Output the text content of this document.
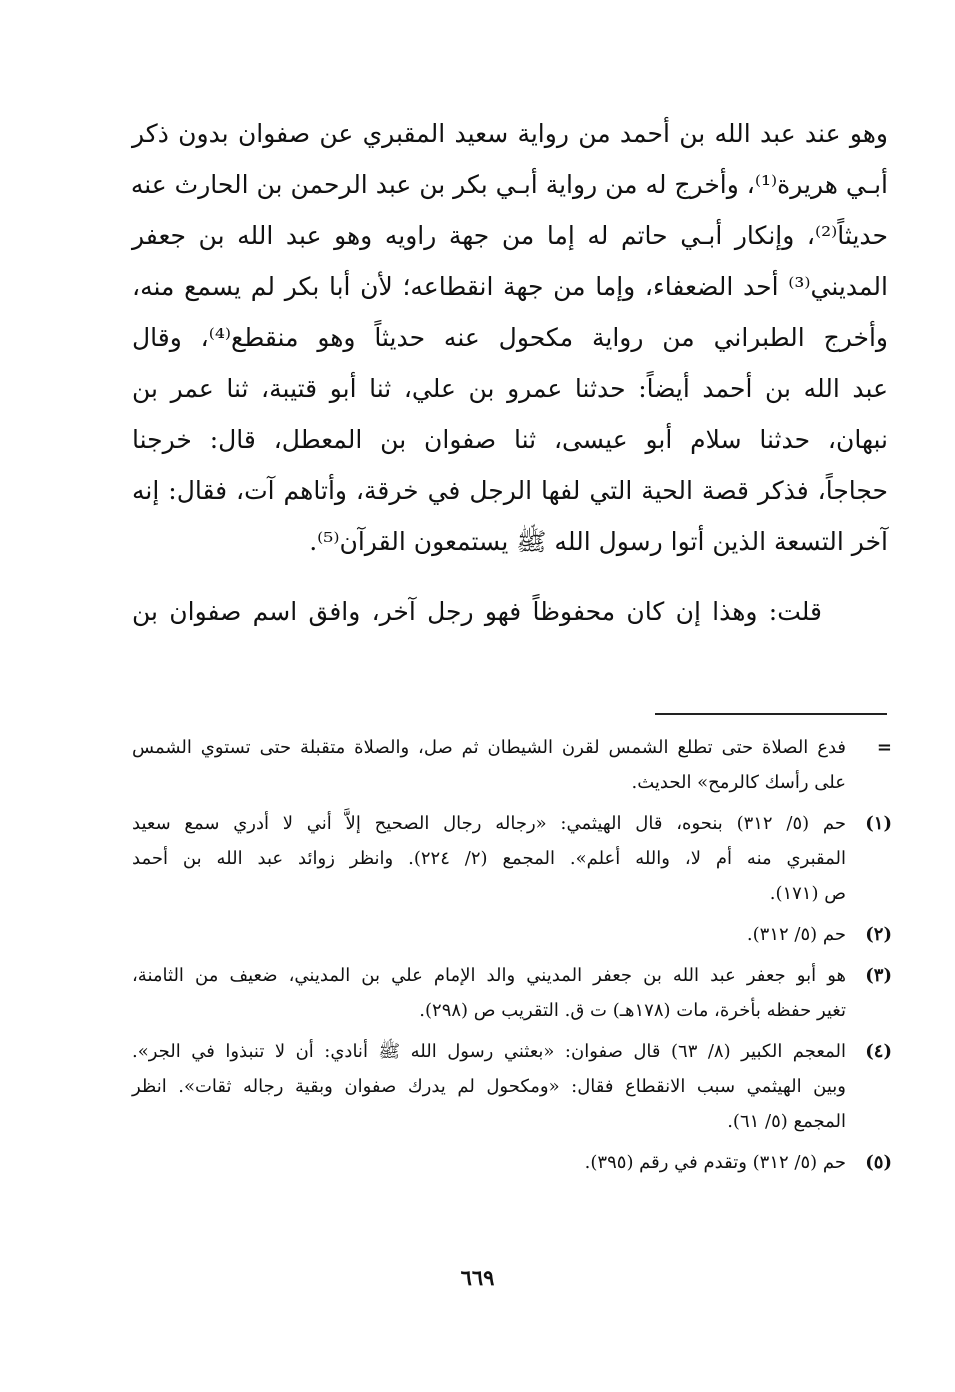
وهو عند عبد الله بن أحمد من رواية سعيد المقبري عن صفوان بدون ذكر
أبـي هريرة⁽¹⁾، وأخرج له من رواية أبـي بكر بن عبد الرحمن بن الحارث عنه
حديثاً⁽²⁾، وإنكار أبـي حاتم له إما من جهة راويه وهو عبد الله بن جعفر
المديني⁽³⁾ أحد الضعفاء، وإما من جهة انقطاعه؛ لأن أبا بكر لم يسمع منه،
وأخرج الطبراني من رواية مكحول عنه حديثاً وهو منقطع⁽⁴⁾، وقال
عبد الله بن أحمد أيضاً: حدثنا عمرو بن علي، ثنا أبو قتيبة، ثنا عمر بن
نبهان، حدثنا سلام أبو عيسى، ثنا صفوان بن المعطل، قال: خرجنا
حجاجاً، فذكر قصة الحية التي لفها الرجل في خرقة، وأتاهم آت، فقال: إنه
آخر التسعة الذين أتوا رسول الله ﷺ يستمعون القرآن⁽⁵⁾.

قلت: وهذا إن كان محفوظاً فهو رجل آخر، وافق اسم صفوان بن
=
فدع الصلاة حتى تطلع الشمس لقرن الشيطان ثم صل، والصلاة متقبلة حتى تستوي الشمس
على رأسك كالرمح» الحديث.
(١)
حم (٥/ ٣١٢) بنحوه، قال الهيثمي: «رجاله رجال الصحيح إلاَّ أني لا أدري سمع سعيد
المقبري منه أم لا، والله أعلم». المجمع (٢/ ٢٢٤). وانظر زوائد عبد الله بن أحمد
ص (١٧١).
(٢)
حم (٥/ ٣١٢).
(٣)
هو أبو جعفر عبد الله بن جعفر المديني والد الإمام علي بن المديني، ضعيف من الثامنة،
تغير حفظه بأخرة، مات (١٧٨هـ) ت ق. التقريب ص (٢٩٨).
(٤)
المعجم الكبير (٨/ ٦٣) قال صفوان: «بعثني رسول الله ﷺ أنادي: أن لا تنبذوا في الجر».
وبين الهيثمي سبب الانقطاع فقال: «ومكحول لم يدرك صفوان وبقية رجاله ثقات». انظر
المجمع (٥/ ٦١).
(٥)
حم (٥/ ٣١٢) وتقدم في رقم (٣٩٥).
٦٦٩
